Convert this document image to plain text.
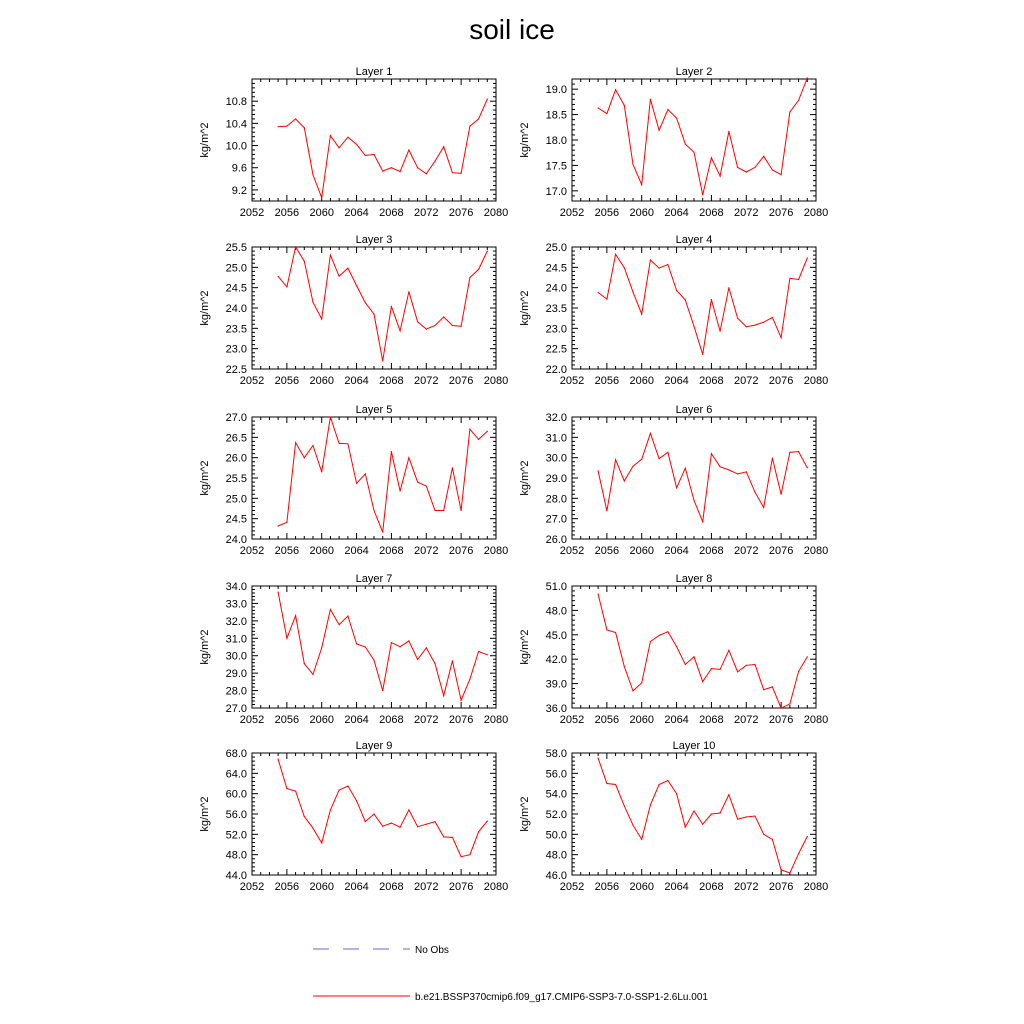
soil ice
Layer 1
kg/m^2
2052 2056 2060 2064 2068 2072 2076 2080
9.2
9.6
10.0
10.4
10.8
Layer 2
kg/m^2
2052 2056 2060 2064 2068 2072 2076 2080
17.0
17.5
18.0
18.5
19.0
Layer 3
kg/m^2
2052 2056 2060 2064 2068 2072 2076 2080
22.5
23.0
23.5
24.0
24.5
25.0
25.5
Layer 4
kg/m^2
2052 2056 2060 2064 2068 2072 2076 2080
22.0
22.5
23.0
23.5
24.0
24.5
25.0
Layer 5
kg/m^2
2052 2056 2060 2064 2068 2072 2076 2080
24.0
24.5
25.0
25.5
26.0
26.5
27.0
Layer 6
kg/m^2
2052 2056 2060 2064 2068 2072 2076 2080
26.0
27.0
28.0
29.0
30.0
31.0
32.0
Layer 7
kg/m^2
2052 2056 2060 2064 2068 2072 2076 2080
27.0
28.0
29.0
30.0
31.0
32.0
33.0
34.0
Layer 8
kg/m^2
2052 2056 2060 2064 2068 2072 2076 2080
36.0
39.0
42.0
45.0
48.0
51.0
Layer 9
kg/m^2
2052 2056 2060 2064 2068 2072 2076 2080
44.0
48.0
52.0
56.0
60.0
64.0
68.0
Layer 10
kg/m^2
2052 2056 2060 2064 2068 2072 2076 2080
46.0
48.0
50.0
52.0
54.0
56.0
58.0
No Obs
b.e21.BSSP370cmip6.f09_g17.CMIP6-SSP3-7.0-SSP1-2.6Lu.001
